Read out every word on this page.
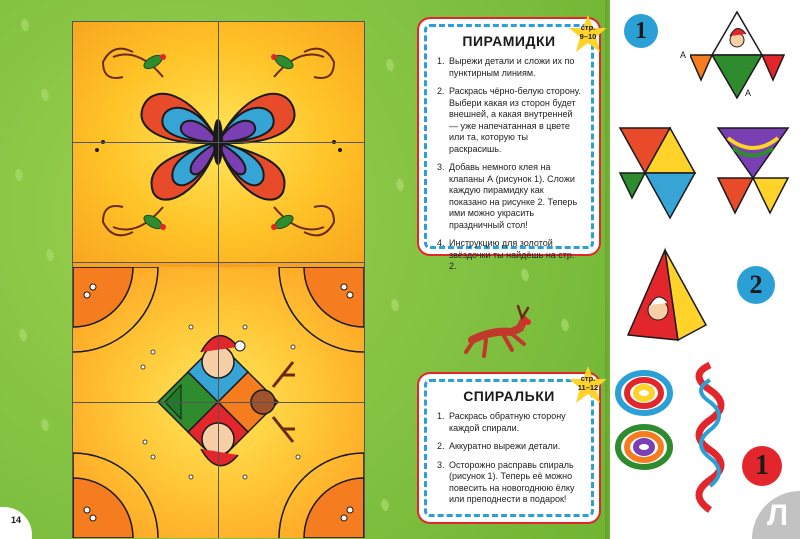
ПИРАМИДКИ
1. Вырежи детали и сложи их по пунктирным линиям.
2. Раскрась чёрно-белую сторону. Выбери какая из сторон будет внешней, а какая внутренней — уже напечатанная в цвете или та, которую ты раскрасишь.
3. Добавь немного клея на клапаны А (рисунок 1). Сложи каждую пирамидку как показано на рисунке 2. Теперь ими можно украсить праздничный стол!
4. Инструкцию для золотой звёздочки ты найдёшь на стр. 2.
стр.
9–10
СПИРАЛЬКИ
1. Раскрась обратную сторону каждой спирали.
2. Аккуратно вырежи детали.
3. Осторожно расправь спираль (рисунок 1). Теперь её можно повесить на новогоднюю ёлку или преподнести в подарок!
стр.
11–12
14
1
А
А
2
1
Л
